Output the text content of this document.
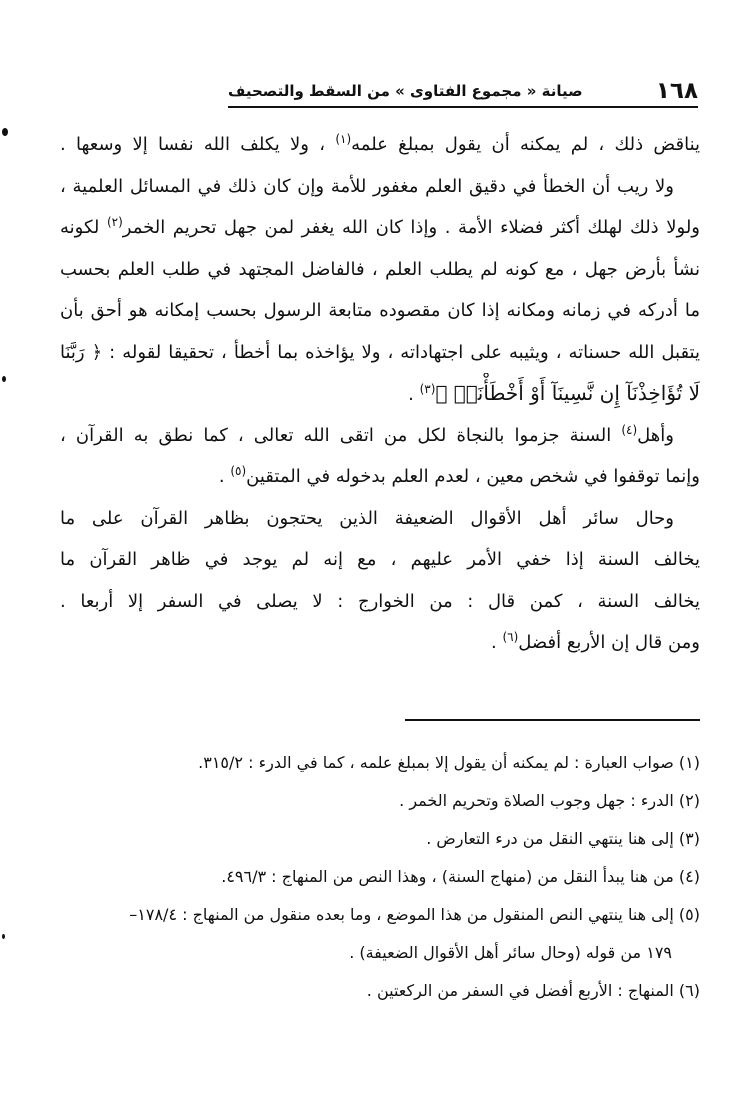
١٦٨
صيانة « مجموع الفتاوى » من السقط والتصحيف
يناقض ذلك ، لم يمكنه أن يقول بمبلغ علمه$^{(١)}$ ، ولا يكلف الله نفسا إلا وسعها .
ولا ريب أن الخطأ في دقيق العلم مغفور للأمة وإن كان ذلك في المسائل العلمية ،
ولولا ذلك لهلك أكثر فضلاء الأمة . وإذا كان الله يغفر لمن جهل تحريم الخمر$^{(٢)}$ لكونه
نشأ بأرض جهل ، مع كونه لم يطلب العلم ، فالفاضل المجتهد في طلب العلم بحسب
ما أدركه في زمانه ومكانه إذا كان مقصوده متابعة الرسول بحسب إمكانه هو أحق بأن
يتقبل الله حسناته ، ويثيبه على اجتهاداته ، ولا يؤاخذه بما أخطأ ، تحقيقا لقوله : ﴿ رَبَّنَا
لَا تُؤَاخِذْنَآ إِن نَّسِينَآ أَوْ أَخْطَأْنَاۚ ﴾$^{(٣)}$ .
وأهل$^{(٤)}$ السنة جزموا بالنجاة لكل من اتقى الله تعالى ، كما نطق به القرآن ،
وإنما توقفوا في شخص معين ، لعدم العلم بدخوله في المتقين$^{(٥)}$ .
وحال سائر أهل الأقوال الضعيفة الذين يحتجون بظاهر القرآن على ما
يخالف السنة إذا خفي الأمر عليهم ، مع إنه لم يوجد في ظاهر القرآن ما
يخالف السنة ، كمن قال : من الخوارج : لا يصلى في السفر إلا أربعا .
ومن قال إن الأربع أفضل$^{(٦)}$ .
(١) صواب العبارة : لم يمكنه أن يقول إلا بمبلغ علمه ، كما في الدرء : ٣١٥/٢.
(٢) الدرء : جهل وجوب الصلاة وتحريم الخمر .
(٣) إلى هنا ينتهي النقل من درء التعارض .
(٤) من هنا يبدأ النقل من (منهاج السنة) ، وهذا النص من المنهاج : ٤٩٦/٣.
(٥) إلى هنا ينتهي النص المنقول من هذا الموضع ، وما بعده منقول من المنهاج : ١٧٨/٤–
١٧٩ من قوله (وحال سائر أهل الأقوال الضعيفة) .
(٦) المنهاج : الأربع أفضل في السفر من الركعتين .
